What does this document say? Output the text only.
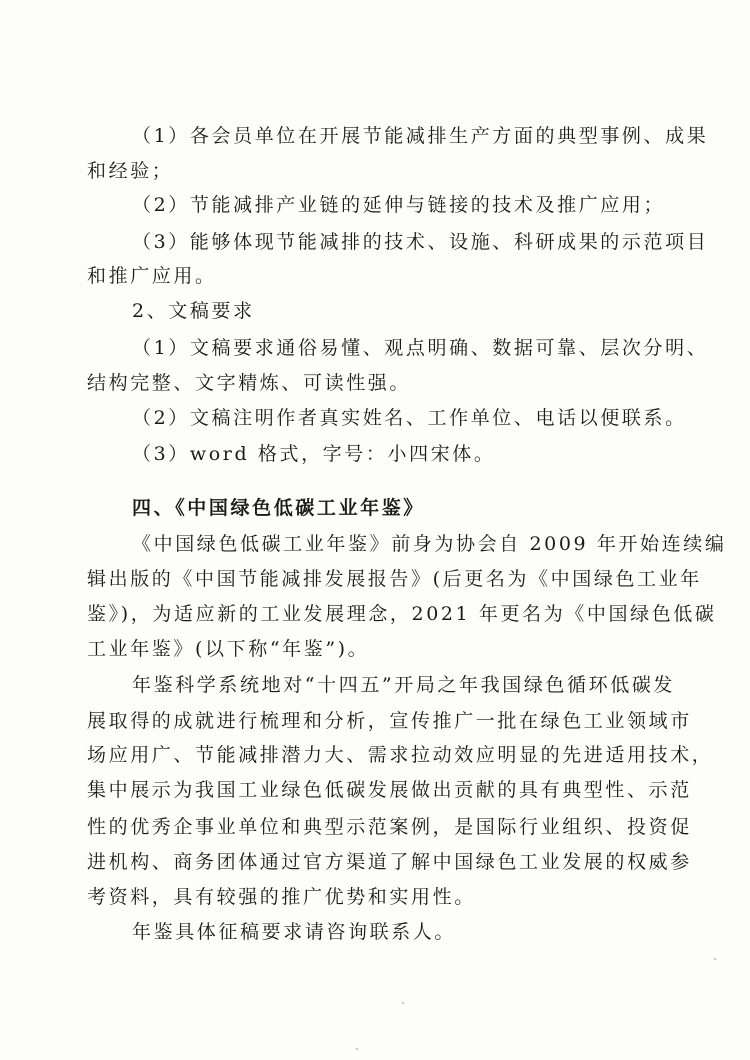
（1）各会员单位在开展节能减排生产方面的典型事例、成果
和经验；
（2）节能减排产业链的延伸与链接的技术及推广应用；
（3）能够体现节能减排的技术、设施、科研成果的示范项目
和推广应用。
2、文稿要求
（1）文稿要求通俗易懂、观点明确、数据可靠、层次分明、
结构完整、文字精炼、可读性强。
（2）文稿注明作者真实姓名、工作单位、电话以便联系。
（3）word 格式，字号：小四宋体。
四、《中国绿色低碳工业年鉴》
《中国绿色低碳工业年鉴》前身为协会自 2009 年开始连续编
辑出版的《中国节能减排发展报告》(后更名为《中国绿色工业年
鉴》)，为适应新的工业发展理念，2021 年更名为《中国绿色低碳
工业年鉴》(以下称“年鉴”)。
年鉴科学系统地对“十四五”开局之年我国绿色循环低碳发
展取得的成就进行梳理和分析，宣传推广一批在绿色工业领域市
场应用广、节能减排潜力大、需求拉动效应明显的先进适用技术，
集中展示为我国工业绿色低碳发展做出贡献的具有典型性、示范
性的优秀企事业单位和典型示范案例，是国际行业组织、投资促
进机构、商务团体通过官方渠道了解中国绿色工业发展的权威参
考资料，具有较强的推广优势和实用性。
年鉴具体征稿要求请咨询联系人。
